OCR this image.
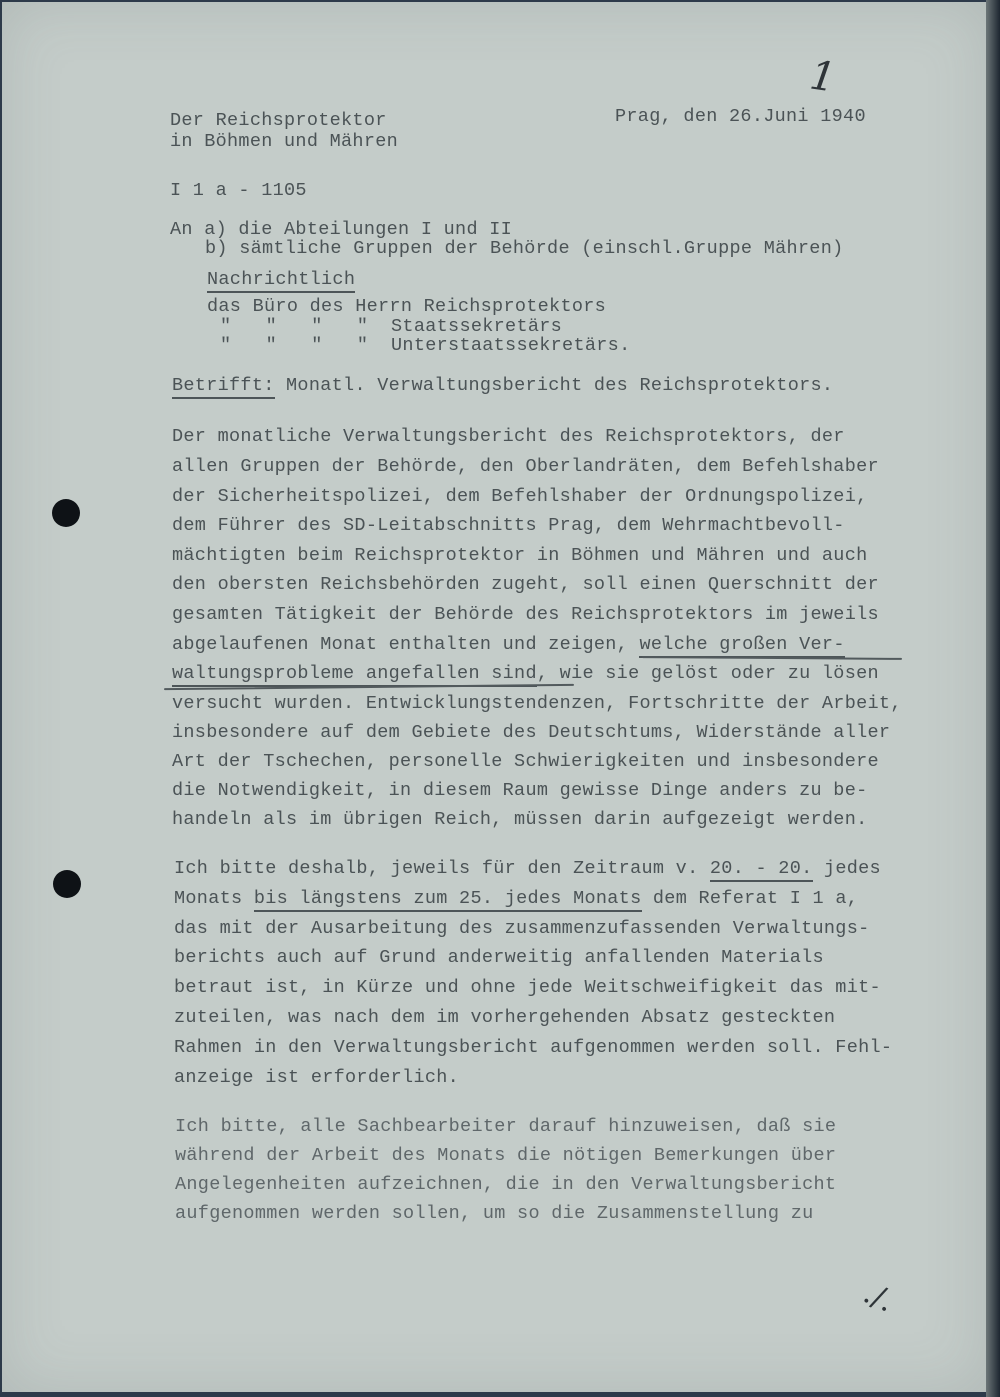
1
Der Reichsprotektor
in Böhmen und Mähren
Prag, den 26.Juni 1940
I 1 a - 1105
An a) die Abteilungen I und II
b) sämtliche Gruppen der Behörde (einschl.Gruppe Mähren)
Nachrichtlich
das Büro des Herrn Reichsprotektors
"   "   "   "  Staatssekretärs
"   "   "   "  Unterstaatssekretärs.
Betrifft: Monatl. Verwaltungsbericht des Reichsprotektors.
Der monatliche Verwaltungsbericht des Reichsprotektors, der
allen Gruppen der Behörde, den Oberlandräten, dem Befehlshaber
der Sicherheitspolizei, dem Befehlshaber der Ordnungspolizei,
dem Führer des SD-Leitabschnitts Prag, dem Wehrmachtbevoll-
mächtigten beim Reichsprotektor in Böhmen und Mähren und auch
den obersten Reichsbehörden zugeht, soll einen Querschnitt der
gesamten Tätigkeit der Behörde des Reichsprotektors im jeweils
abgelaufenen Monat enthalten und zeigen, welche großen Ver-
waltungsprobleme angefallen sind, wie sie gelöst oder zu lösen
versucht wurden. Entwicklungstendenzen, Fortschritte der Arbeit,
insbesondere auf dem Gebiete des Deutschtums, Widerstände aller
Art der Tschechen, personelle Schwierigkeiten und insbesondere
die Notwendigkeit, in diesem Raum gewisse Dinge anders zu be-
handeln als im übrigen Reich, müssen darin aufgezeigt werden.
Ich bitte deshalb, jeweils für den Zeitraum v. 20. - 20. jedes
Monats bis längstens zum 25. jedes Monats dem Referat I 1 a,
das mit der Ausarbeitung des zusammenzufassenden Verwaltungs-
berichts auch auf Grund anderweitig anfallenden Materials
betraut ist, in Kürze und ohne jede Weitschweifigkeit das mit-
zuteilen, was nach dem im vorhergehenden Absatz gesteckten
Rahmen in den Verwaltungsbericht aufgenommen werden soll. Fehl-
anzeige ist erforderlich.
Ich bitte, alle Sachbearbeiter darauf hinzuweisen, daß sie
während der Arbeit des Monats die nötigen Bemerkungen über
Angelegenheiten aufzeichnen, die in den Verwaltungsbericht
aufgenommen werden sollen, um so die Zusammenstellung zu
./.
